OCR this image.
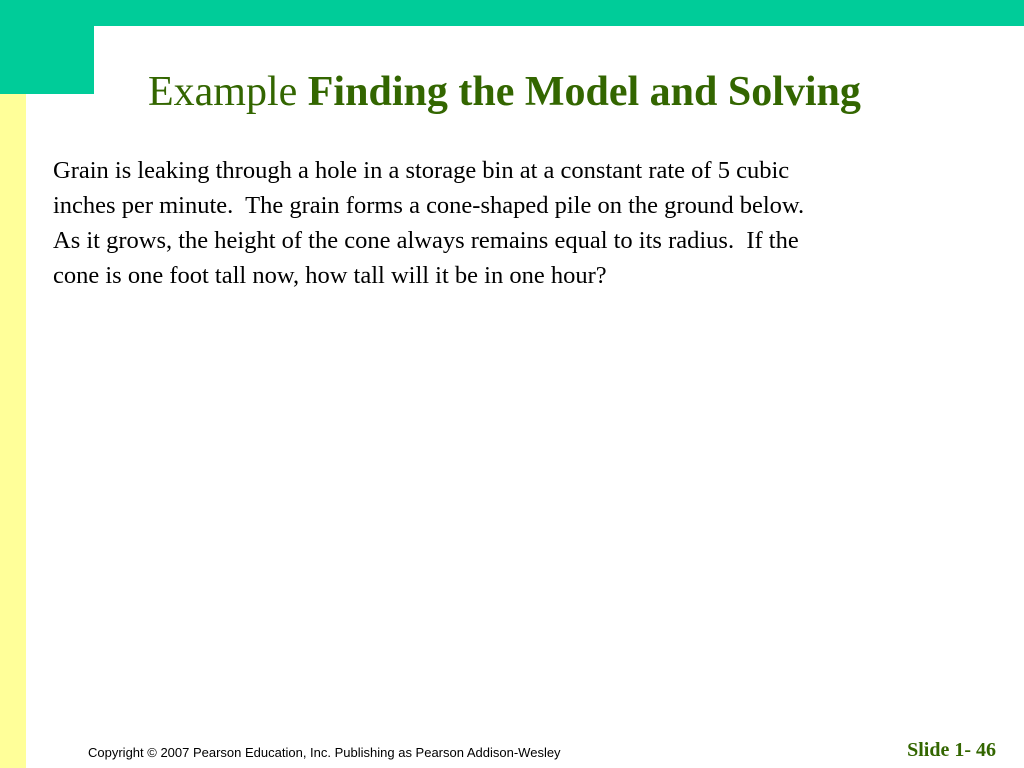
Example Finding the Model and Solving
Grain is leaking through a hole in a storage bin at a constant rate of 5 cubic
inches per minute.  The grain forms a cone-shaped pile on the ground below.
As it grows, the height of the cone always remains equal to its radius.  If the
cone is one foot tall now, how tall will it be in one hour?
Copyright © 2007 Pearson Education, Inc. Publishing as Pearson Addison-Wesley	Slide 1- 46
